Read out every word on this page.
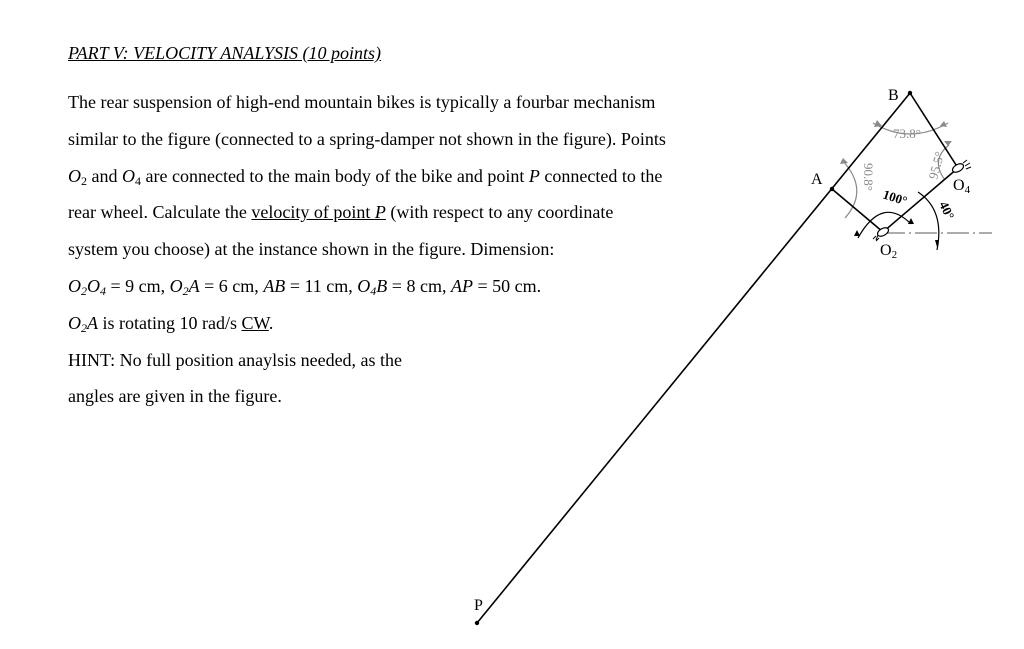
PART V: VELOCITY ANALYSIS (10 points)
The rear suspension of high-end mountain bikes is typically a fourbar mechanism
similar to the figure (connected to a spring-damper not shown in the figure). Points
$O_2$ and $O_4$ are connected to the main body of the bike and point P connected to the
rear wheel. Calculate the velocity of point P (with respect to any coordinate
system you choose) at the instance shown in the figure. Dimension:
$O_2O_4 = 9$ cm, $O_2A = 6$ cm, AB = 11 cm, $O_4B = 8$ cm, AP = 50 cm.
$O_2A$ is rotating 10 rad/s CW.
HINT: No full position anaylsis needed, as the
angles are given in the figure.
B
A
P
O2
O4
73.8°
95.5°
90.8°
100°
40°
